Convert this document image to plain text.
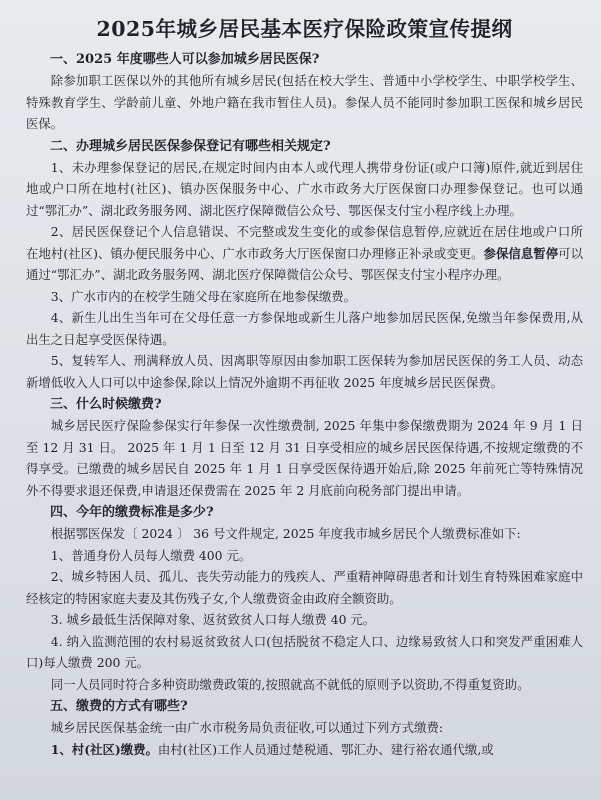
2025年城乡居民基本医疗保险政策宣传提纲
一、2025 年度哪些人可以参加城乡居民医保?

除参加职工医保以外的其他所有城乡居民(包括在校大学生、普通中小学校学生、中职学校学生、特殊教育学生、学龄前儿童、外地户籍在我市暂住人员)。参保人员不能同时参加职工医保和城乡居民医保。

二、办理城乡居民医保参保登记有哪些相关规定?

1、未办理参保登记的居民,在规定时间内由本人或代理人携带身份证(或户口簿)原件,就近到居住地或户口所在地村(社区)、镇办医保服务中心、广水市政务大厅医保窗口办理参保登记。也可以通过“鄂汇办”、湖北政务服务网、湖北医疗保障微信公众号、鄂医保支付宝小程序线上办理。

2、居民医保登记个人信息错误、不完整或发生变化的或参保信息暂停,应就近在居住地或户口所在地村(社区)、镇办便民服务中心、广水市政务大厅医保窗口办理修正补录或变更。参保信息暂停可以通过“鄂汇办”、湖北政务服务网、湖北医疗保障微信公众号、鄂医保支付宝小程序办理。

3、广水市内的在校学生随父母在家庭所在地参保缴费。

4、新生儿出生当年可在父母任意一方参保地或新生儿落户地参加居民医保,免缴当年参保费用,从出生之日起享受医保待遇。

5、复转军人、刑满释放人员、因离职等原因由参加职工医保转为参加居民医保的务工人员、动态新增低收入人口可以中途参保,除以上情况外逾期不再征收 2025 年度城乡居民医保费。

三、什么时候缴费?

城乡居民医疗保险参保实行年参保一次性缴费制, 2025 年集中参保缴费期为 2024 年 9 月 1 日至 12 月 31 日。 2025 年 1 月 1 日至 12 月 31 日享受相应的城乡居民医保待遇,不按规定缴费的不得享受。已缴费的城乡居民自 2025 年 1 月 1 日享受医保待遇开始后,除 2025 年前死亡等特殊情况外不得要求退还保费,申请退还保费需在 2025 年 2 月底前向税务部门提出申请。

四、今年的缴费标准是多少?

根据鄂医保发〔 2024 〕 36 号文件规定, 2025 年度我市城乡居民个人缴费标准如下:

1、普通身份人员每人缴费 400 元。

2、城乡特困人员、孤儿、丧失劳动能力的残疾人、严重精神障碍患者和计划生育特殊困难家庭中经核定的特困家庭夫妻及其伤残子女,个人缴费资金由政府全额资助。

3. 城乡最低生活保障对象、返贫致贫人口每人缴费 40 元。

4. 纳入监测范围的农村易返贫致贫人口(包括脱贫不稳定人口、边缘易致贫人口和突发严重困难人口)每人缴费 200 元。

同一人员同时符合多种资助缴费政策的,按照就高不就低的原则予以资助,不得重复资助。

五、缴费的方式有哪些?

城乡居民医保基金统一由广水市税务局负责征收,可以通过下列方式缴费:

1、村(社区)缴费。由村(社区)工作人员通过楚税通、鄂汇办、建行裕农通代缴,或
